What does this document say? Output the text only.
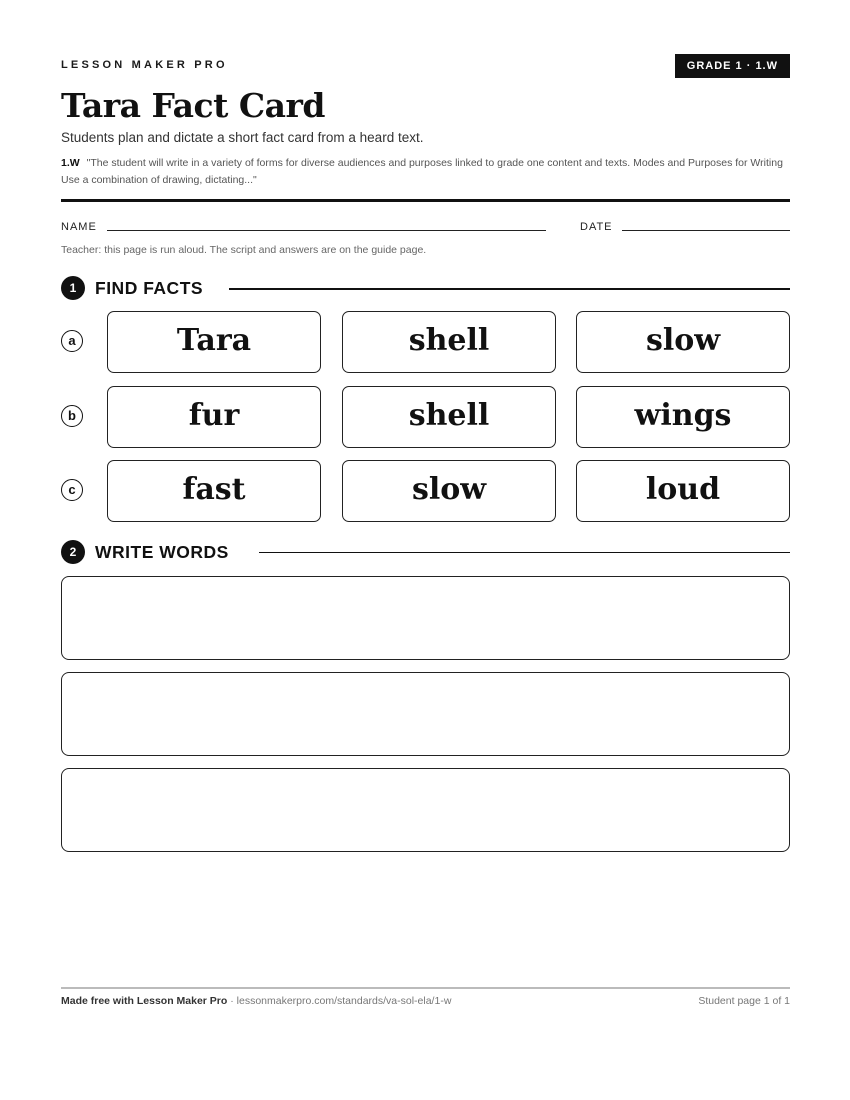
LESSON MAKER PRO	GRADE 1 · 1.W
Tara Fact Card
Students plan and dictate a short fact card from a heard text.
1.W "The student will write in a variety of forms for diverse audiences and purposes linked to grade one content and texts. Modes and Purposes for Writing Use a combination of drawing, dictating..."
NAME	DATE
Teacher: this page is run aloud. The script and answers are on the guide page.
1	FIND FACTS
a	Tara	shell	slow
b	fur	shell	wings
c	fast	slow	loud
2	WRITE WORDS
Made free with Lesson Maker Pro · lessonmakerpro.com/standards/va-sol-ela/1-w	Student page 1 of 1
